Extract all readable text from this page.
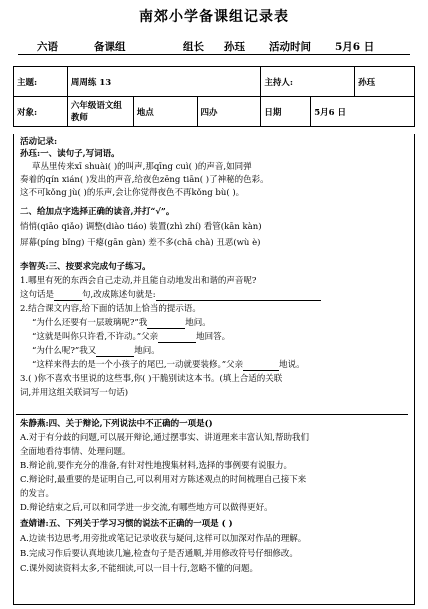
南郊小学备课组记录表
六语	备课组	组长 孙珏 活动时间 5月6 日
主题:	周周练 13			主持人:		孙珏
对象:	六年级语文组教师	地点	四办	日期	5月6 日	
活动记录:
孙珏:一、读句子,写词语。
草丛里传来xī shuài( )的叫声,那qīng cuì( )的声音,如同弹
奏着的qín xián( )发出的声音,给夜色zēng tiān( )了神秘的色彩。
这不可kǒng jù( )的乐声,会让你觉得夜色不再kǒng bù( )。
二、给加点字选择正确的读音,并打“√”。
悄悄(qiāo qiǎo) 调整(diào tiáo) 装置(zhì zhí) 看管(kān kàn)
屏幕(píng bǐng) 干瘪(gān gàn) 差不多(chā chà) 丑恶(wù è)
李智英:三、按要求完成句子练习。
1.哪里有死的东西会自己走动,并且能自动地发出和谐的声音呢?
这句话是	句,改成陈述句就是:
2.结合课文内容,给下面的话加上恰当的提示语。
“为什么还要有一层玻璃呢?”我	地问。
“这就是叫你只许看,不许动。”父亲	地回答。
“为什么呢?”我又	地问。
“这样来得去的是一个小孩子的尾巴,一动就要装修。”父亲	地说。
3.( )你不喜欢书里说的这些事,你( )干脆别读这本书。(填上合适的关联
词,并用这组关联词写一句话)
朱静燕:四、关于辩论,下列说法中不正确的一项是()
A.对于有分歧的问题,可以展开辩论,通过摆事实、讲道理来丰富认知,帮助我们
全面地看待事情、处理问题。
B.辩论前,要作充分的准备,有针对性地搜集材料,选择的事例要有说服力。
C.辩论时,最重要的是证明自己,可以利用对方陈述观点的时间梳理自己接下来
的发言。
D.辩论结束之后,可以和同学进一步交流,有哪些地方可以做得更好。
查婧谱:五、下列关于学习习惯的说法不正确的一项是 ( )
A.边读书边思考,用旁批或笔记记录收获与疑问,这样可以加深对作品的理解。
B.完成习作后要认真地读几遍,检查句子是否通顺,并用修改符号仔细修改。
C.课外阅读资料太多,不能细读,可以一目十行,忽略不懂的问题。
